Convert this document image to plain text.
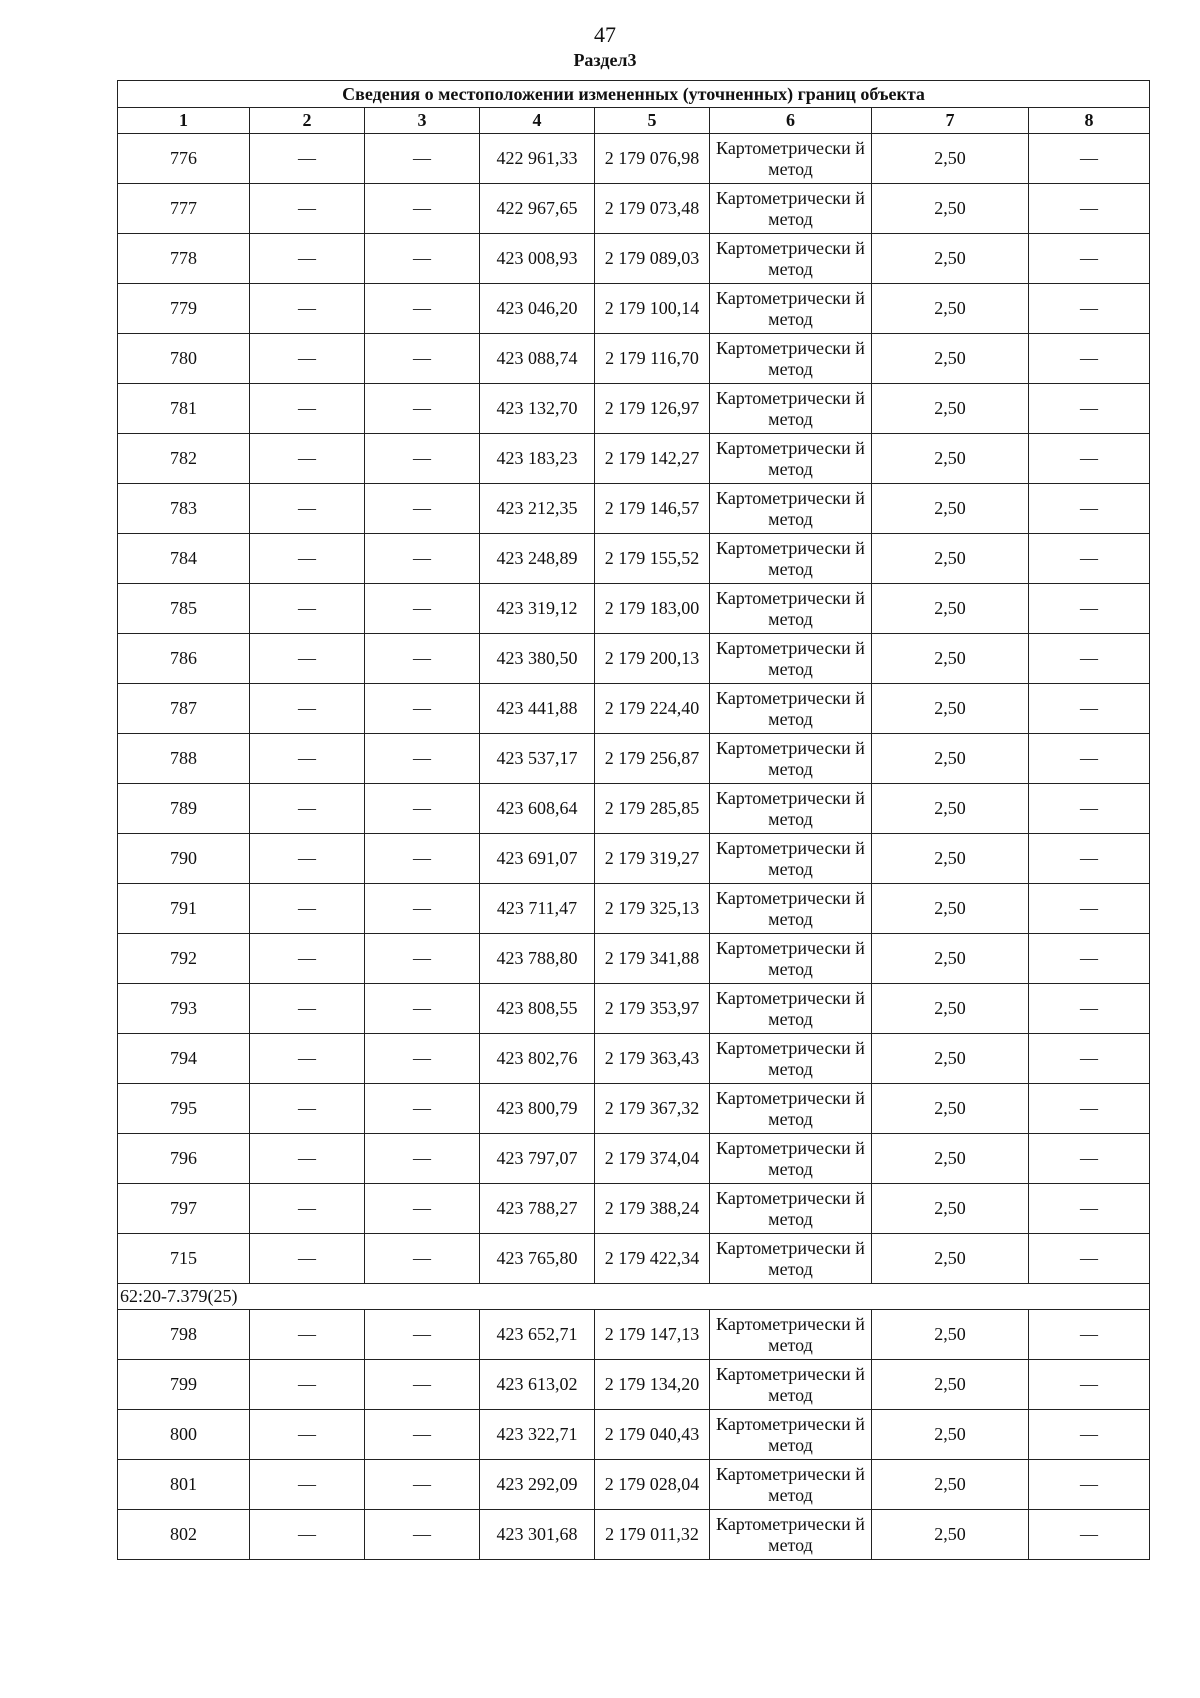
47
Раздел3
Сведения о местоположении измененных (уточненных) границ объекта							
1	2	3	4	5	6	7	8
776	—	—	422 961,33	2 179 076,98	Картометрически й метод	2,50	—
777	—	—	422 967,65	2 179 073,48	Картометрически й метод	2,50	—
778	—	—	423 008,93	2 179 089,03	Картометрически й метод	2,50	—
779	—	—	423 046,20	2 179 100,14	Картометрически й метод	2,50	—
780	—	—	423 088,74	2 179 116,70	Картометрически й метод	2,50	—
781	—	—	423 132,70	2 179 126,97	Картометрически й метод	2,50	—
782	—	—	423 183,23	2 179 142,27	Картометрически й метод	2,50	—
783	—	—	423 212,35	2 179 146,57	Картометрически й метод	2,50	—
784	—	—	423 248,89	2 179 155,52	Картометрически й метод	2,50	—
785	—	—	423 319,12	2 179 183,00	Картометрически й метод	2,50	—
786	—	—	423 380,50	2 179 200,13	Картометрически й метод	2,50	—
787	—	—	423 441,88	2 179 224,40	Картометрически й метод	2,50	—
788	—	—	423 537,17	2 179 256,87	Картометрически й метод	2,50	—
789	—	—	423 608,64	2 179 285,85	Картометрически й метод	2,50	—
790	—	—	423 691,07	2 179 319,27	Картометрически й метод	2,50	—
791	—	—	423 711,47	2 179 325,13	Картометрически й метод	2,50	—
792	—	—	423 788,80	2 179 341,88	Картометрически й метод	2,50	—
793	—	—	423 808,55	2 179 353,97	Картометрически й метод	2,50	—
794	—	—	423 802,76	2 179 363,43	Картометрически й метод	2,50	—
795	—	—	423 800,79	2 179 367,32	Картометрически й метод	2,50	—
796	—	—	423 797,07	2 179 374,04	Картометрически й метод	2,50	—
797	—	—	423 788,27	2 179 388,24	Картометрически й метод	2,50	—
715	—	—	423 765,80	2 179 422,34	Картометрически й метод	2,50	—
62:20-7.379(25)							
798	—	—	423 652,71	2 179 147,13	Картометрически й метод	2,50	—
799	—	—	423 613,02	2 179 134,20	Картометрически й метод	2,50	—
800	—	—	423 322,71	2 179 040,43	Картометрически й метод	2,50	—
801	—	—	423 292,09	2 179 028,04	Картометрически й метод	2,50	—
802	—	—	423 301,68	2 179 011,32	Картометрически й метод	2,50	—
